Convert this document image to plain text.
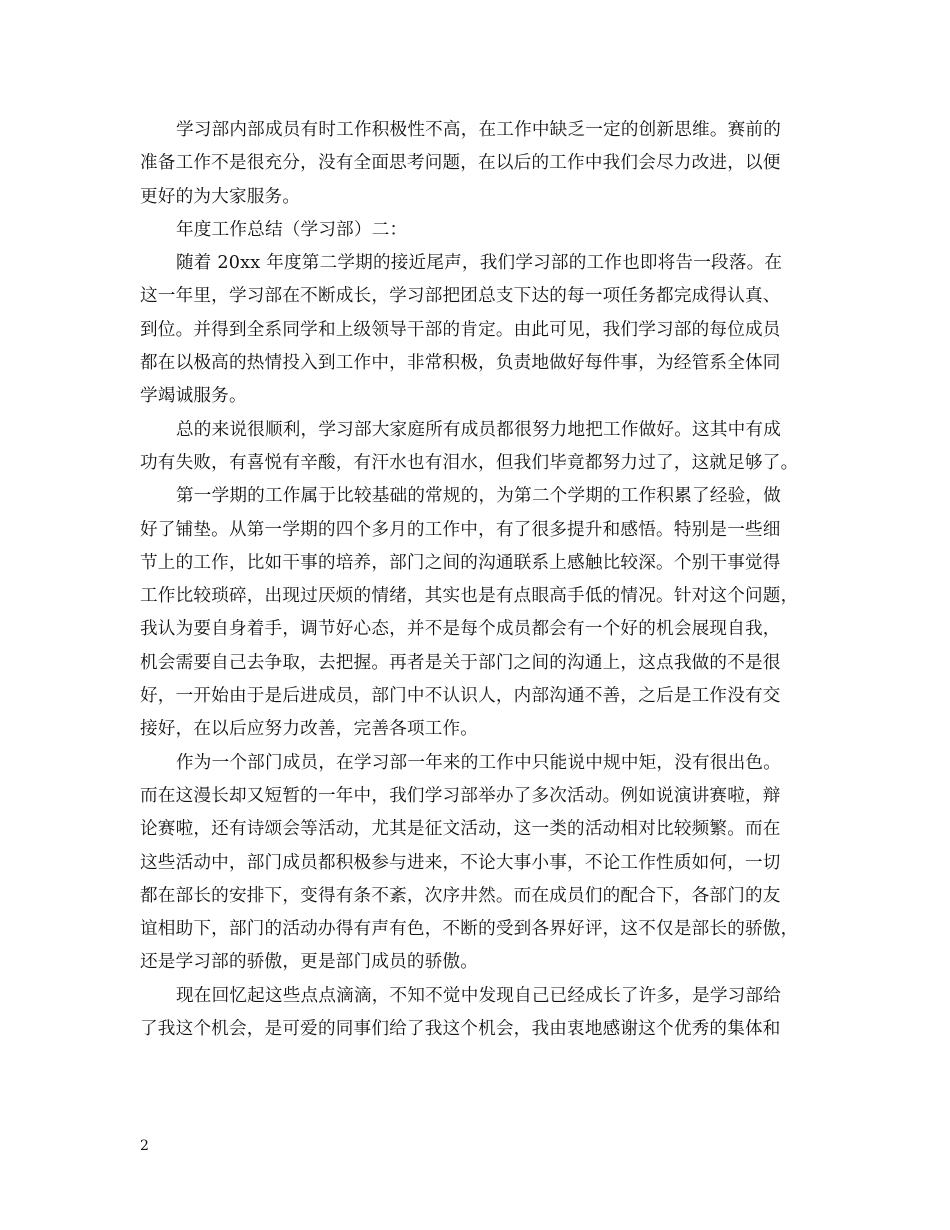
学习部内部成员有时工作积极性不高，在工作中缺乏一定的创新思维。赛前的
准备工作不是很充分，没有全面思考问题，在以后的工作中我们会尽力改进，以便
更好的为大家服务。
年度工作总结（学习部）二：
随着 20xx 年度第二学期的接近尾声，我们学习部的工作也即将告一段落。在
这一年里，学习部在不断成长，学习部把团总支下达的每一项任务都完成得认真、
到位。并得到全系同学和上级领导干部的肯定。由此可见，我们学习部的每位成员
都在以极高的热情投入到工作中，非常积极，负责地做好每件事，为经管系全体同
学竭诚服务。
总的来说很顺利，学习部大家庭所有成员都很努力地把工作做好。这其中有成
功有失败，有喜悦有辛酸，有汗水也有泪水，但我们毕竟都努力过了，这就足够了。
第一学期的工作属于比较基础的常规的，为第二个学期的工作积累了经验，做
好了铺垫。从第一学期的四个多月的工作中，有了很多提升和感悟。特别是一些细
节上的工作，比如干事的培养，部门之间的沟通联系上感触比较深。个别干事觉得
工作比较琐碎，出现过厌烦的情绪，其实也是有点眼高手低的情况。针对这个问题，
我认为要自身着手，调节好心态，并不是每个成员都会有一个好的机会展现自我，
机会需要自己去争取，去把握。再者是关于部门之间的沟通上，这点我做的不是很
好，一开始由于是后进成员，部门中不认识人，内部沟通不善，之后是工作没有交
接好，在以后应努力改善，完善各项工作。
作为一个部门成员，在学习部一年来的工作中只能说中规中矩，没有很出色。
而在这漫长却又短暂的一年中，我们学习部举办了多次活动。例如说演讲赛啦，辩
论赛啦，还有诗颂会等活动，尤其是征文活动，这一类的活动相对比较频繁。而在
这些活动中，部门成员都积极参与进来，不论大事小事，不论工作性质如何，一切
都在部长的安排下，变得有条不紊，次序井然。而在成员们的配合下，各部门的友
谊相助下，部门的活动办得有声有色，不断的受到各界好评，这不仅是部长的骄傲，
还是学习部的骄傲，更是部门成员的骄傲。
现在回忆起这些点点滴滴，不知不觉中发现自己已经成长了许多，是学习部给
了我这个机会，是可爱的同事们给了我这个机会，我由衷地感谢这个优秀的集体和
2
